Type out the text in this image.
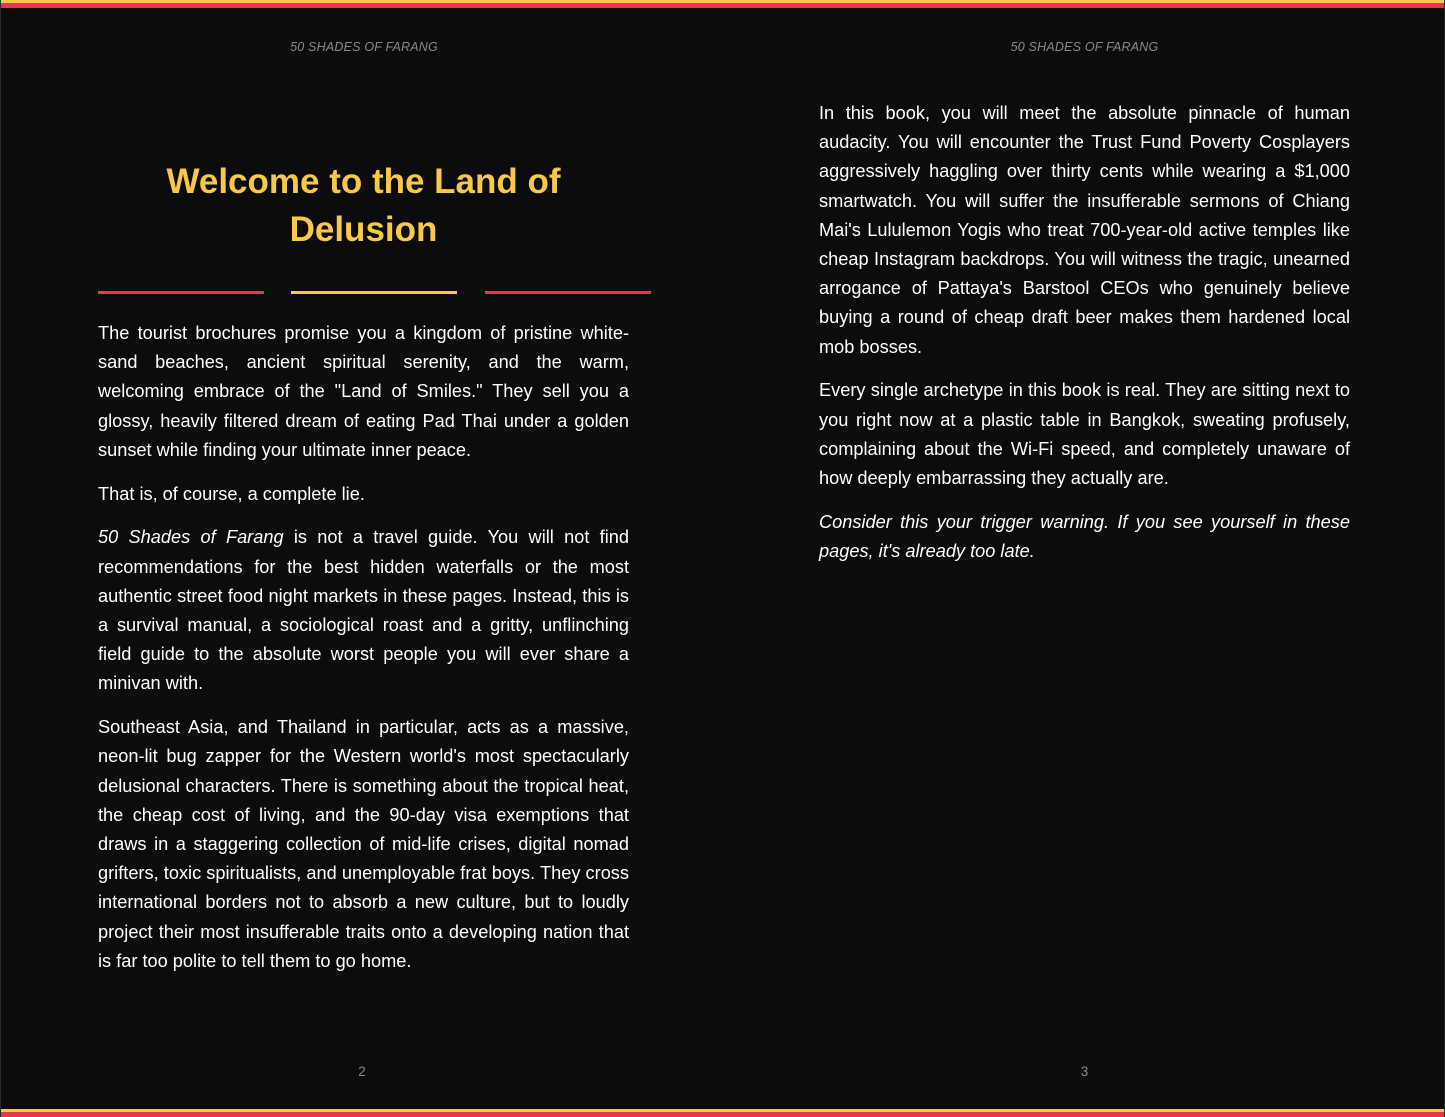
50 SHADES OF FARANG
Welcome to the Land of Delusion

The tourist brochures promise you a kingdom of pristine white-sand beaches, ancient spiritual serenity, and the warm, welcoming embrace of the "Land of Smiles." They sell you a glossy, heavily filtered dream of eating Pad Thai under a golden sunset while finding your ultimate inner peace.

That is, of course, a complete lie.

50 Shades of Farang is not a travel guide. You will not find recommendations for the best hidden waterfalls or the most authentic street food night markets in these pages. Instead, this is a survival manual, a sociological roast and a gritty, unflinching field guide to the absolute worst people you will ever share a minivan with.

Southeast Asia, and Thailand in particular, acts as a massive, neon-lit bug zapper for the Western world's most spectacularly delusional characters. There is something about the tropical heat, the cheap cost of living, and the 90-day visa exemptions that draws in a staggering collection of mid-life crises, digital nomad grifters, toxic spiritualists, and unemployable frat boys. They cross international borders not to absorb a new culture, but to loudly project their most insufferable traits onto a developing nation that is far too polite to tell them to go home.

2
50 SHADES OF FARANG

In this book, you will meet the absolute pinnacle of human audacity. You will encounter the Trust Fund Poverty Cosplayers aggressively haggling over thirty cents while wearing a $1,000 smartwatch. You will suffer the insufferable sermons of Chiang Mai's Lululemon Yogis who treat 700-year-old active temples like cheap Instagram backdrops. You will witness the tragic, unearned arrogance of Pattaya's Barstool CEOs who genuinely believe buying a round of cheap draft beer makes them hardened local mob bosses.

Every single archetype in this book is real. They are sitting next to you right now at a plastic table in Bangkok, sweating profusely, complaining about the Wi-Fi speed, and completely unaware of how deeply embarrassing they actually are.

Consider this your trigger warning. If you see yourself in these pages, it's already too late.

3
